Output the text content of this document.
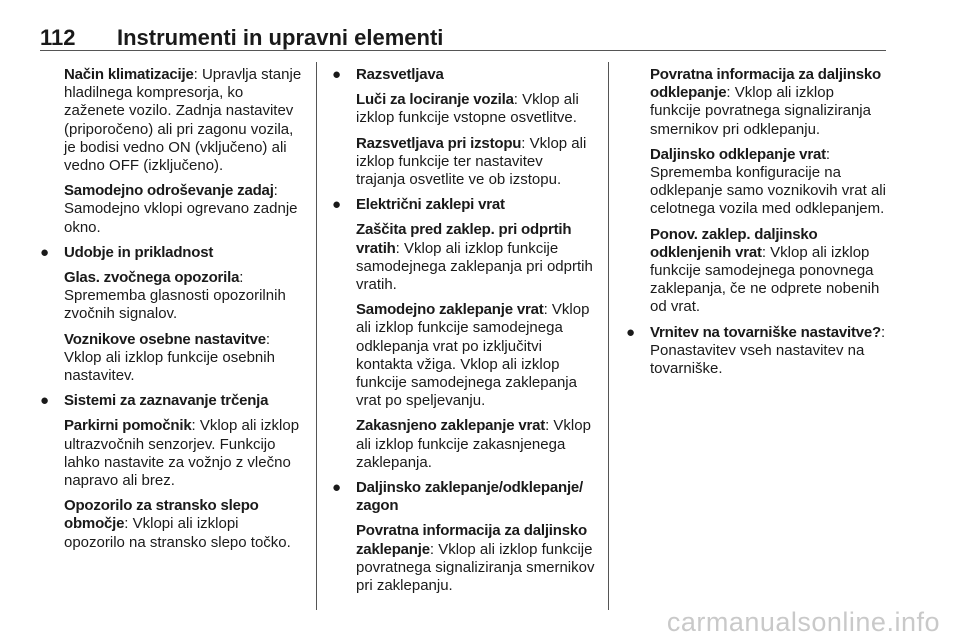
112 Instrumenti in upravni elementi

Način klimatizacije: Upravlja stanje hladilnega kompresorja, ko zaženete vozilo. Zadnja nastavitev (priporočeno) ali pri zagonu vozila, je bodisi vedno ON (vključeno) ali vedno OFF (izključeno).

Samodejno odroševanje zadaj: Samodejno vklopi ogrevano zadnje okno.

● Udobje in prikladnost

Glas. zvočnega opozorila: Sprememba glasnosti opozorilnih zvočnih signalov.

Voznikove osebne nastavitve: Vklop ali izklop funkcije osebnih nastavitev.

● Sistemi za zaznavanje trčenja

Parkirni pomočnik: Vklop ali izklop ultrazvočnih senzorjev. Funkcijo lahko nastavite za vožnjo z vlečno napravo ali brez.

Opozorilo za stransko slepo območje: Vklopi ali izklopi opozorilo na stransko slepo točko.

● Razsvetljava

Luči za lociranje vozila: Vklop ali izklop funkcije vstopne osvetlitve.

Razsvetljava pri izstopu: Vklop ali izklop funkcije ter nastavitev trajanja osvetlite ve ob izstopu.

● Električni zaklepi vrat

Zaščita pred zaklep. pri odprtih vratih: Vklop ali izklop funkcije samodejnega zaklepanja pri odprtih vratih.

Samodejno zaklepanje vrat: Vklop ali izklop funkcije samodejnega odklepanja vrat po izključitvi kontakta vžiga. Vklop ali izklop funkcije samodejnega zaklepanja vrat po speljevanju.

Zakasnjeno zaklepanje vrat: Vklop ali izklop funkcije zakasnjenega zaklepanja.

● Daljinsko zaklepanje/odklepanje/ zagon

Povratna informacija za daljinsko zaklepanje: Vklop ali izklop funkcije povratnega signaliziranja smernikov pri zaklepanju.

Povratna informacija za daljinsko odklepanje: Vklop ali izklop funkcije povratnega signaliziranja smernikov pri odklepanju.

Daljinsko odklepanje vrat: Sprememba konfiguracije na odklepanje samo voznikovih vrat ali celotnega vozila med odklepanjem.

Ponov. zaklep. daljinsko odklenjenih vrat: Vklop ali izklop funkcije samodejnega ponovnega zaklepanja, če ne odprete nobenih od vrat.

● Vrnitev na tovarniške nastavitve?: Ponastavitev vseh nastavitev na tovarniške.
carmanualsonline.info
